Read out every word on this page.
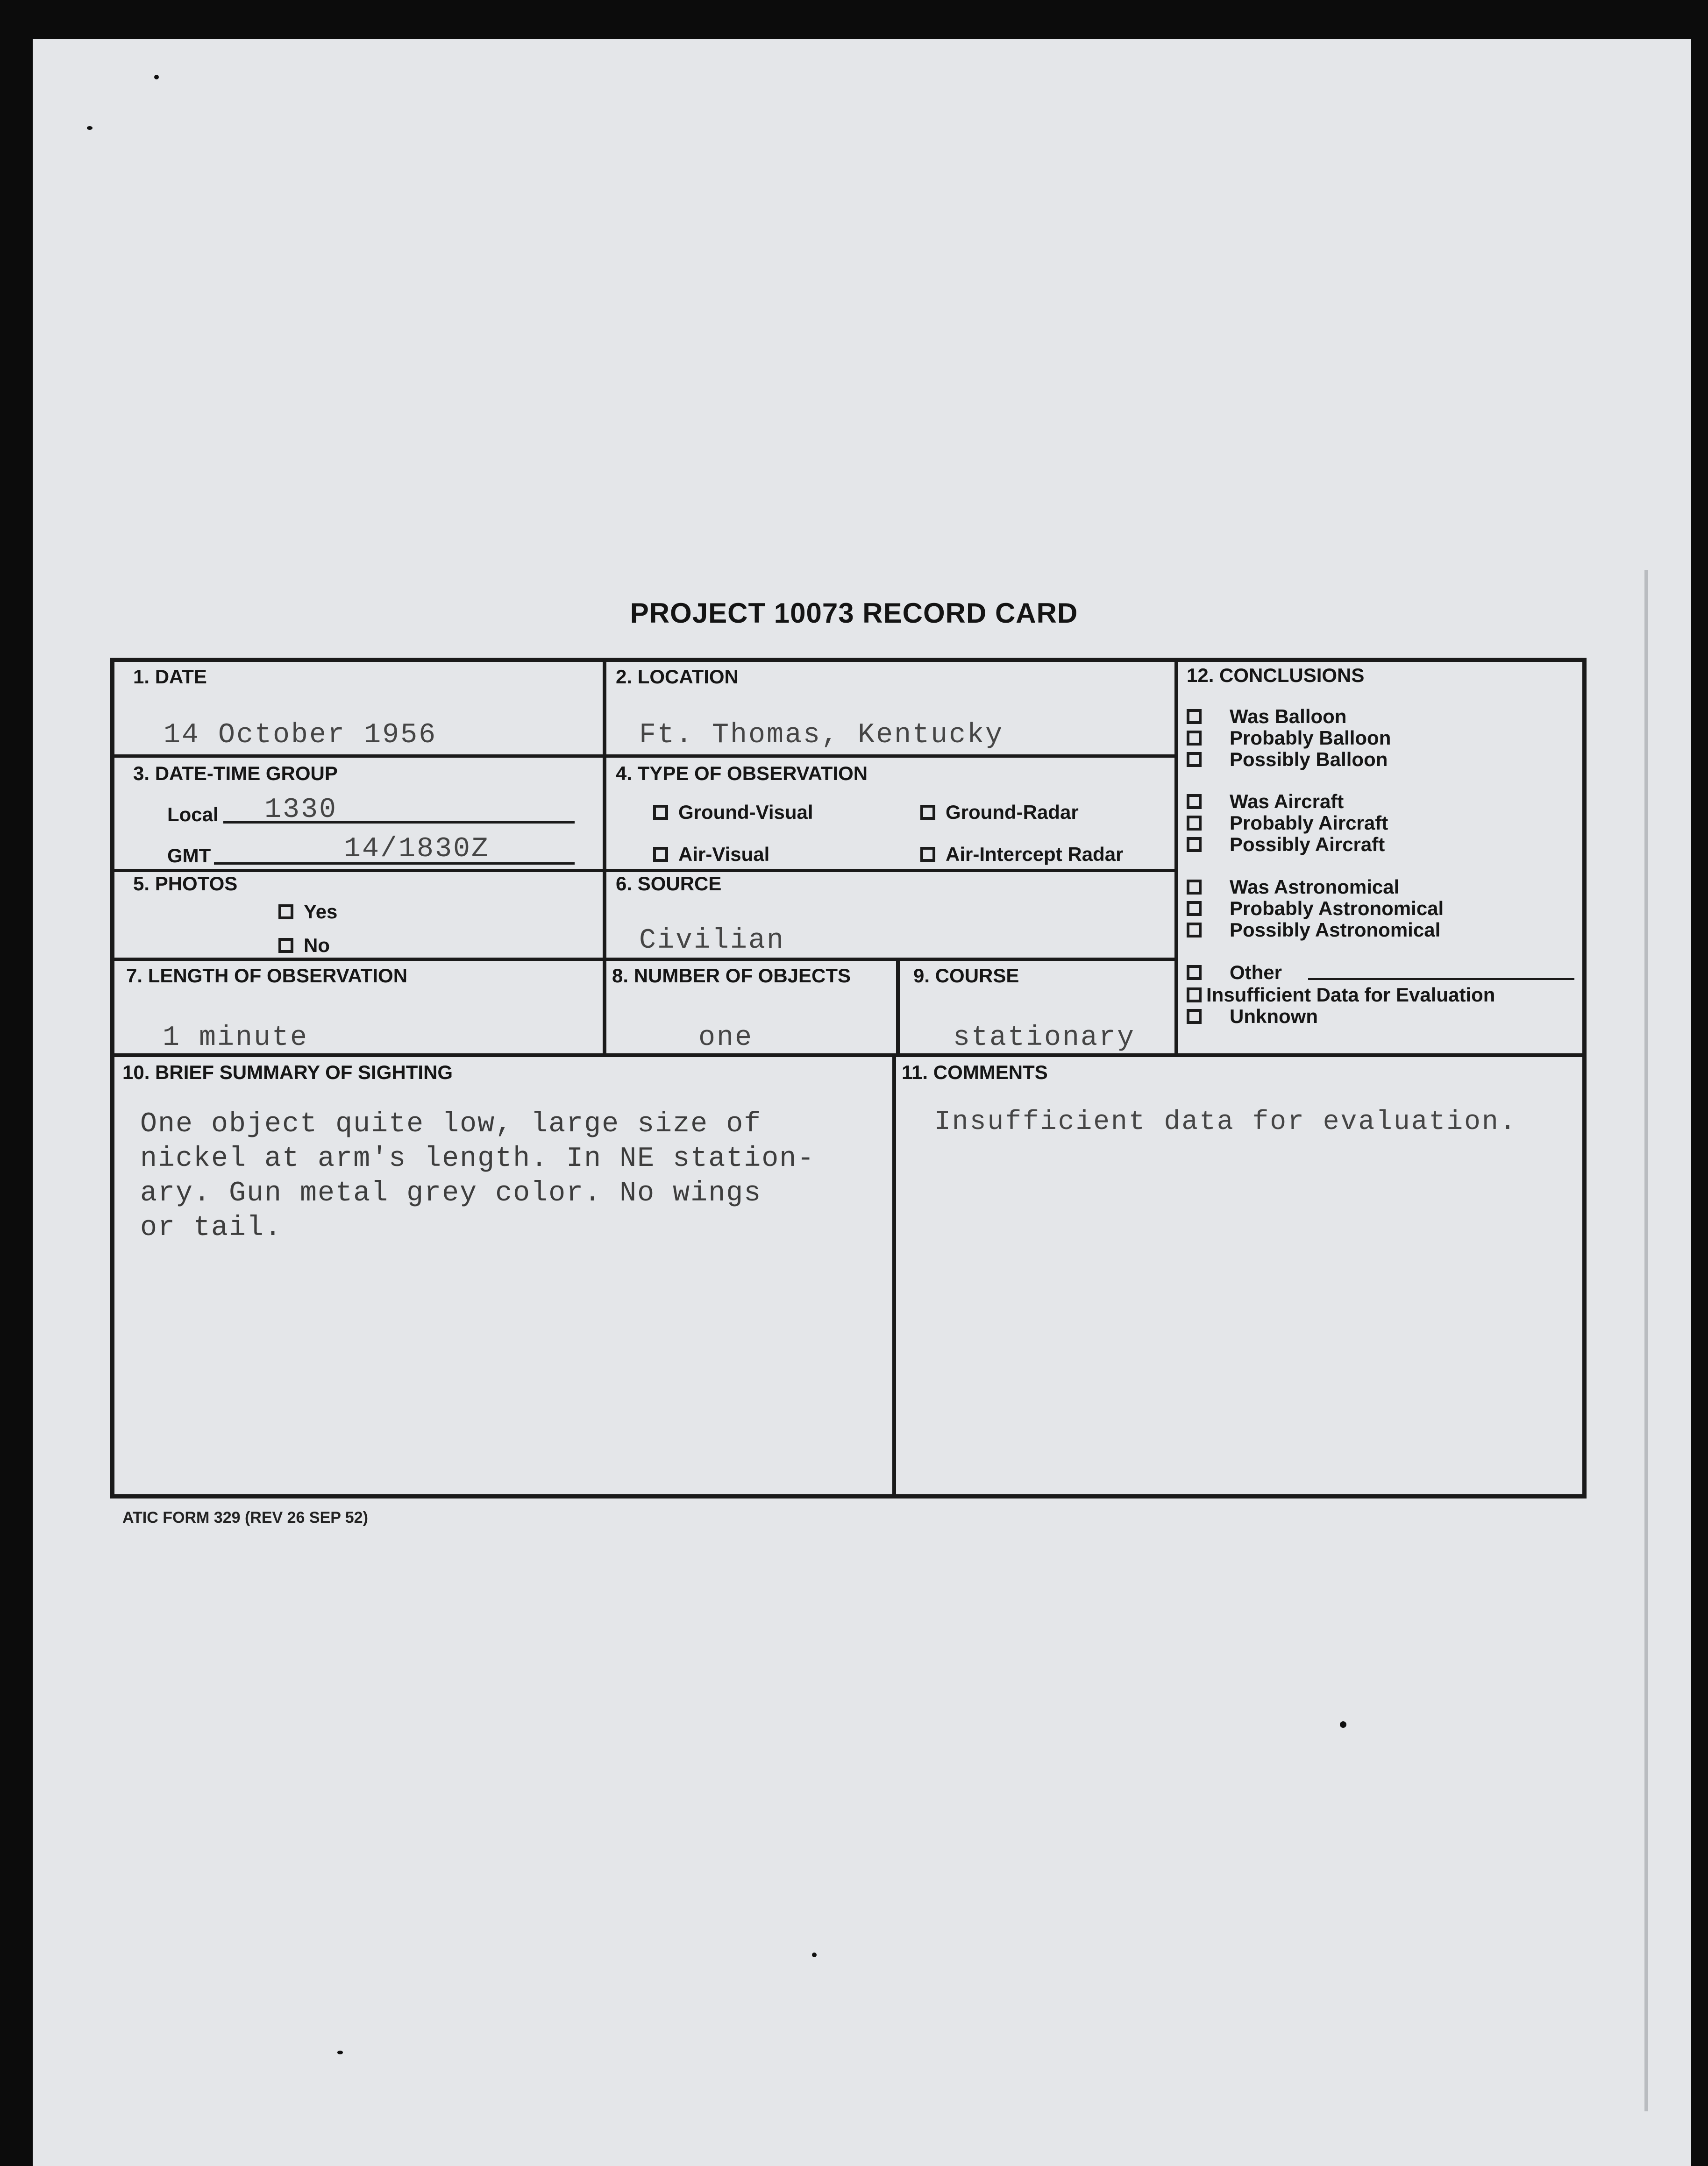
PROJECT 10073 RECORD CARD
1. DATE
14 October 1956
2. LOCATION
Ft. Thomas, Kentucky
3. DATE-TIME GROUP
Local 1330
GMT	14/1830Z
4. TYPE OF OBSERVATION
Ground-Visual	Ground-Radar
Air-Visual	Air-Intercept Radar
5. PHOTOS
Yes
No
6. SOURCE
Civilian
7. LENGTH OF OBSERVATION
1 minute
8. NUMBER OF OBJECTS
one
9. COURSE
stationary
10. BRIEF SUMMARY OF SIGHTING
One object quite low, large size of
nickel at arm's length. In NE station-
ary. Gun metal grey color. No wings
or tail.
11. COMMENTS
Insufficient data for evaluation.
12. CONCLUSIONS
Was Balloon
Probably Balloon
Possibly Balloon
Was Aircraft
Probably Aircraft
Possibly Aircraft
Was Astronomical
Probably Astronomical
Possibly Astronomical
Other
Insufficient Data for Evaluation
Unknown
ATIC FORM 329 (REV 26 SEP 52)
